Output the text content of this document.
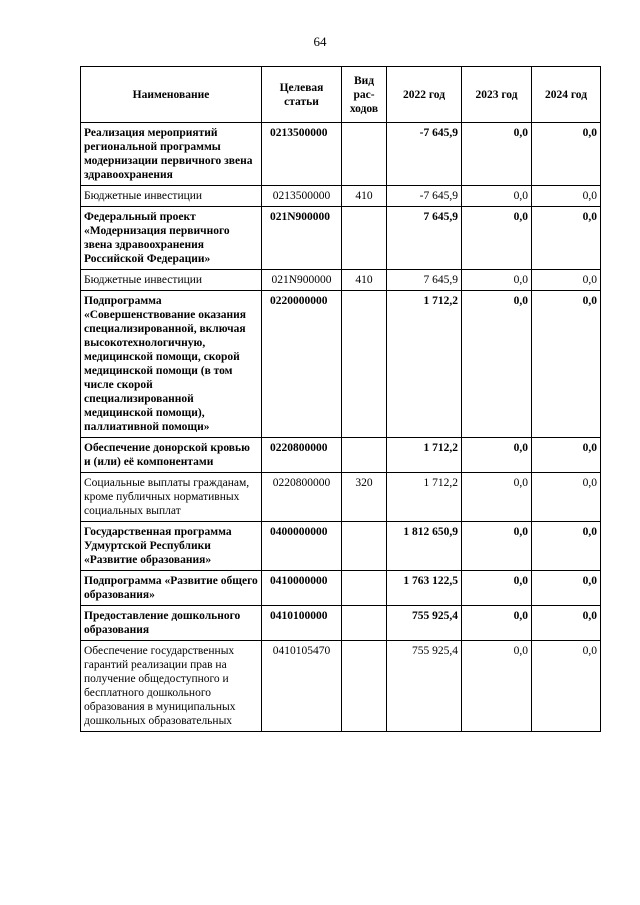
64
Наименование	Целевая статьи	Вид рас-ходов	2022 год	2023 год	2024 год
Реализация мероприятий региональной программы модернизации первичного звена здравоохранения	0213500000		-7 645,9	0,0	0,0
Бюджетные инвестиции	0213500000	410	-7 645,9	0,0	0,0
Федеральный проект «Модернизация первичного звена здравоохранения Российской Федерации»	021N900000		7 645,9	0,0	0,0
Бюджетные инвестиции	021N900000	410	7 645,9	0,0	0,0
Подпрограмма «Совершенствование оказания специализированной, включая высокотехнологичную, медицинской помощи, скорой медицинской помощи (в том числе скорой специализированной медицинской помощи), паллиативной помощи»	0220000000		1 712,2	0,0	0,0
Обеспечение донорской кровью и (или) её компонентами	0220800000		1 712,2	0,0	0,0
Социальные выплаты гражданам, кроме публичных нормативных социальных выплат	0220800000	320	1 712,2	0,0	0,0
Государственная программа Удмуртской Республики «Развитие образования»	0400000000		1 812 650,9	0,0	0,0
Подпрограмма «Развитие общего образования»	0410000000		1 763 122,5	0,0	0,0
Предоставление дошкольного образования	0410100000		755 925,4	0,0	0,0
Обеспечение государственных гарантий реализации прав на получение общедоступного и бесплатного дошкольного образования в муниципальных дошкольных образовательных	0410105470		755 925,4	0,0	0,0
